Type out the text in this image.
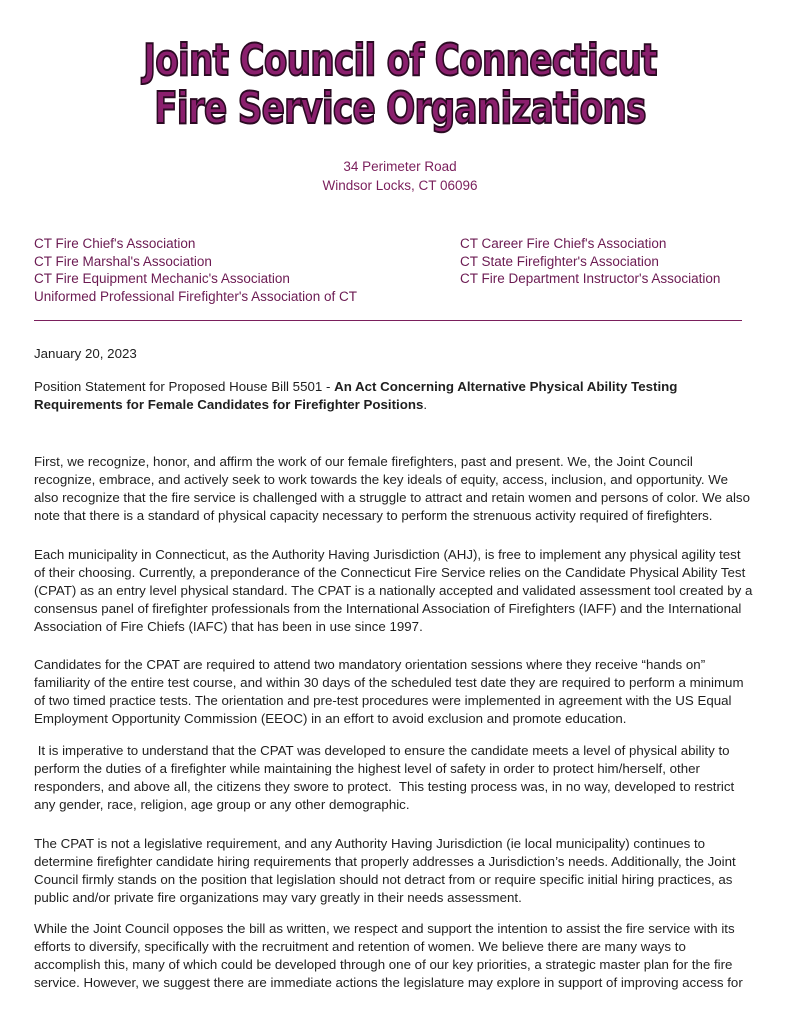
Joint Council of Connecticut
Fire Service Organizations
34 Perimeter Road
Windsor Locks, CT 06096
CT Fire Chief's Association
CT Fire Marshal's Association
CT Fire Equipment Mechanic's Association
Uniformed Professional Firefighter's Association of CT
CT Career Fire Chief's Association
CT State Firefighter's Association
CT Fire Department Instructor's Association
January 20, 2023
Position Statement for Proposed House Bill 5501 - An Act Concerning Alternative Physical Ability Testing Requirements for Female Candidates for Firefighter Positions.

First, we recognize, honor, and affirm the work of our female firefighters, past and present. We, the Joint Council recognize, embrace, and actively seek to work towards the key ideals of equity, access, inclusion, and opportunity. We also recognize that the fire service is challenged with a struggle to attract and retain women and persons of color. We also note that there is a standard of physical capacity necessary to perform the strenuous activity required of firefighters.

Each municipality in Connecticut, as the Authority Having Jurisdiction (AHJ), is free to implement any physical agility test of their choosing. Currently, a preponderance of the Connecticut Fire Service relies on the Candidate Physical Ability Test (CPAT) as an entry level physical standard. The CPAT is a nationally accepted and validated assessment tool created by a consensus panel of firefighter professionals from the International Association of Firefighters (IAFF) and the International Association of Fire Chiefs (IAFC) that has been in use since 1997.

Candidates for the CPAT are required to attend two mandatory orientation sessions where they receive “hands on” familiarity of the entire test course, and within 30 days of the scheduled test date they are required to perform a minimum of two timed practice tests. The orientation and pre-test procedures were implemented in agreement with the US Equal Employment Opportunity Commission (EEOC) in an effort to avoid exclusion and promote education.

It is imperative to understand that the CPAT was developed to ensure the candidate meets a level of physical ability to perform the duties of a firefighter while maintaining the highest level of safety in order to protect him/herself, other responders, and above all, the citizens they swore to protect.  This testing process was, in no way, developed to restrict any gender, race, religion, age group or any other demographic.

The CPAT is not a legislative requirement, and any Authority Having Jurisdiction (ie local municipality) continues to determine firefighter candidate hiring requirements that properly addresses a Jurisdiction’s needs. Additionally, the Joint Council firmly stands on the position that legislation should not detract from or require specific initial hiring practices, as public and/or private fire organizations may vary greatly in their needs assessment.

While the Joint Council opposes the bill as written, we respect and support the intention to assist the fire service with its efforts to diversify, specifically with the recruitment and retention of women. We believe there are many ways to accomplish this, many of which could be developed through one of our key priorities, a strategic master plan for the fire service. However, we suggest there are immediate actions the legislature may explore in support of improving access for
